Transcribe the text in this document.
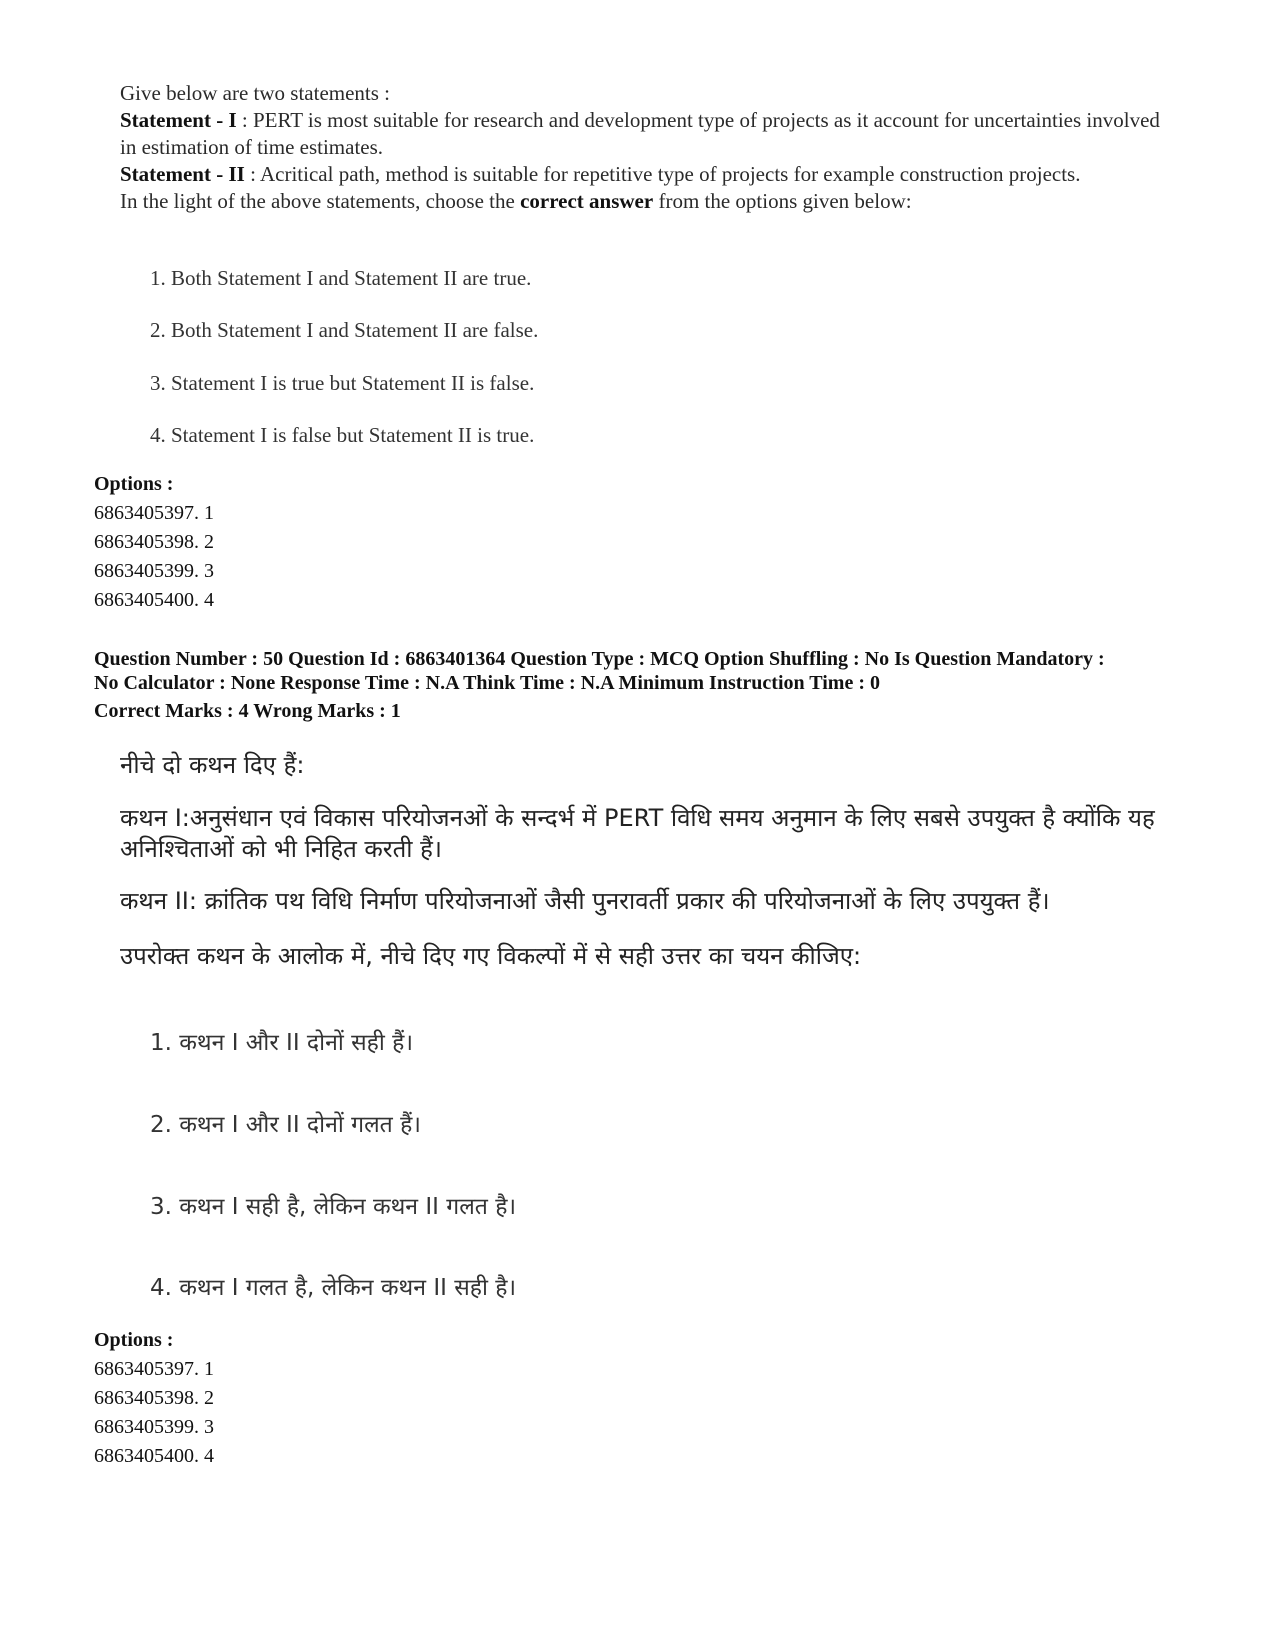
Give below are two statements :
Statement - I : PERT is most suitable for research and development type of projects as it account for uncertainties involved in estimation of time estimates.
Statement - II : Acritical path, method is suitable for repetitive type of projects for example construction projects.
In the light of the above statements, choose the correct answer from the options given below:
1. Both Statement I and Statement II are true.
2. Both Statement I and Statement II are false.
3. Statement I is true but Statement II is false.
4. Statement I is false but Statement II is true.
Options :
6863405397. 1
6863405398. 2
6863405399. 3
6863405400. 4
Question Number : 50 Question Id : 6863401364 Question Type : MCQ Option Shuffling : No Is Question Mandatory :
No Calculator : None Response Time : N.A Think Time : N.A Minimum Instruction Time : 0
Correct Marks : 4 Wrong Marks : 1
नीचे दो कथन दिए हैं:
कथन I:अनुसंधान एवं विकास परियोजनओं के सन्दर्भ में PERT विधि समय अनुमान के लिए सबसे उपयुक्त है क्योंकि यह अनिश्चिताओं को भी निहित करती हैं।
कथन II: क्रांतिक पथ विधि निर्माण परियोजनाओं जैसी पुनरावर्ती प्रकार की परियोजनाओं के लिए उपयुक्त हैं।
उपरोक्त कथन के आलोक में, नीचे दिए गए विकल्पों में से सही उत्तर का चयन कीजिए:
1. कथन I और II दोनों सही हैं।
2. कथन I और II दोनों गलत हैं।
3. कथन I सही है, लेकिन कथन II गलत है।
4. कथन I गलत है, लेकिन कथन II सही है।
Options :
6863405397. 1
6863405398. 2
6863405399. 3
6863405400. 4
